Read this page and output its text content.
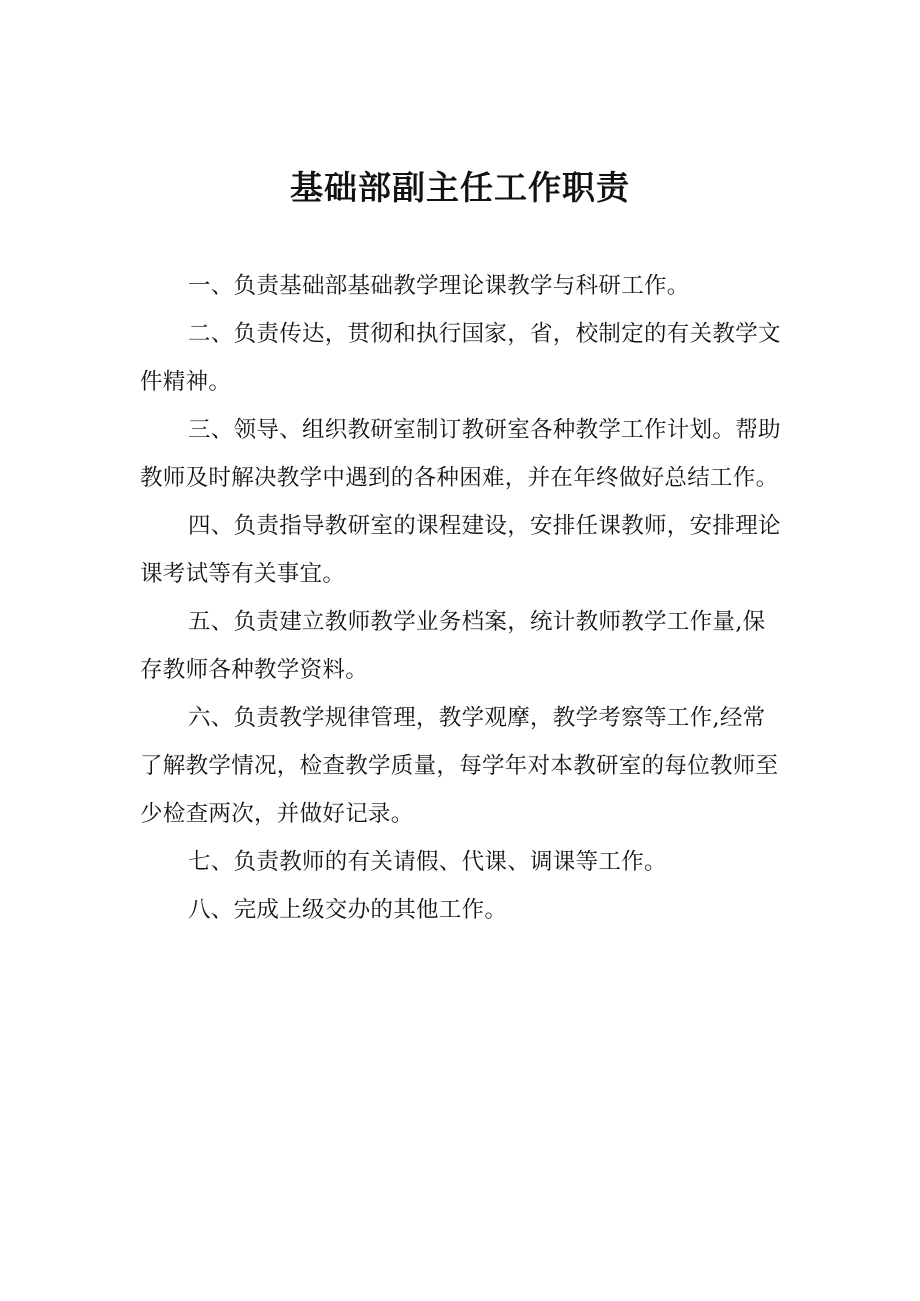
基础部副主任工作职责
一、负责基础部基础教学理论课教学与科研工作。
二、负责传达，贯彻和执行国家，省，校制定的有关教学文
件精神。
三、领导、组织教研室制订教研室各种教学工作计划。帮助
教师及时解决教学中遇到的各种困难，并在年终做好总结工作。
四、负责指导教研室的课程建设，安排任课教师，安排理论
课考试等有关事宜。
五、负责建立教师教学业务档案，统计教师教学工作量,保
存教师各种教学资料。
六、负责教学规律管理，教学观摩，教学考察等工作,经常
了解教学情况，检查教学质量，每学年对本教研室的每位教师至
少检查两次，并做好记录。
七、负责教师的有关请假、代课、调课等工作。
八、完成上级交办的其他工作。
